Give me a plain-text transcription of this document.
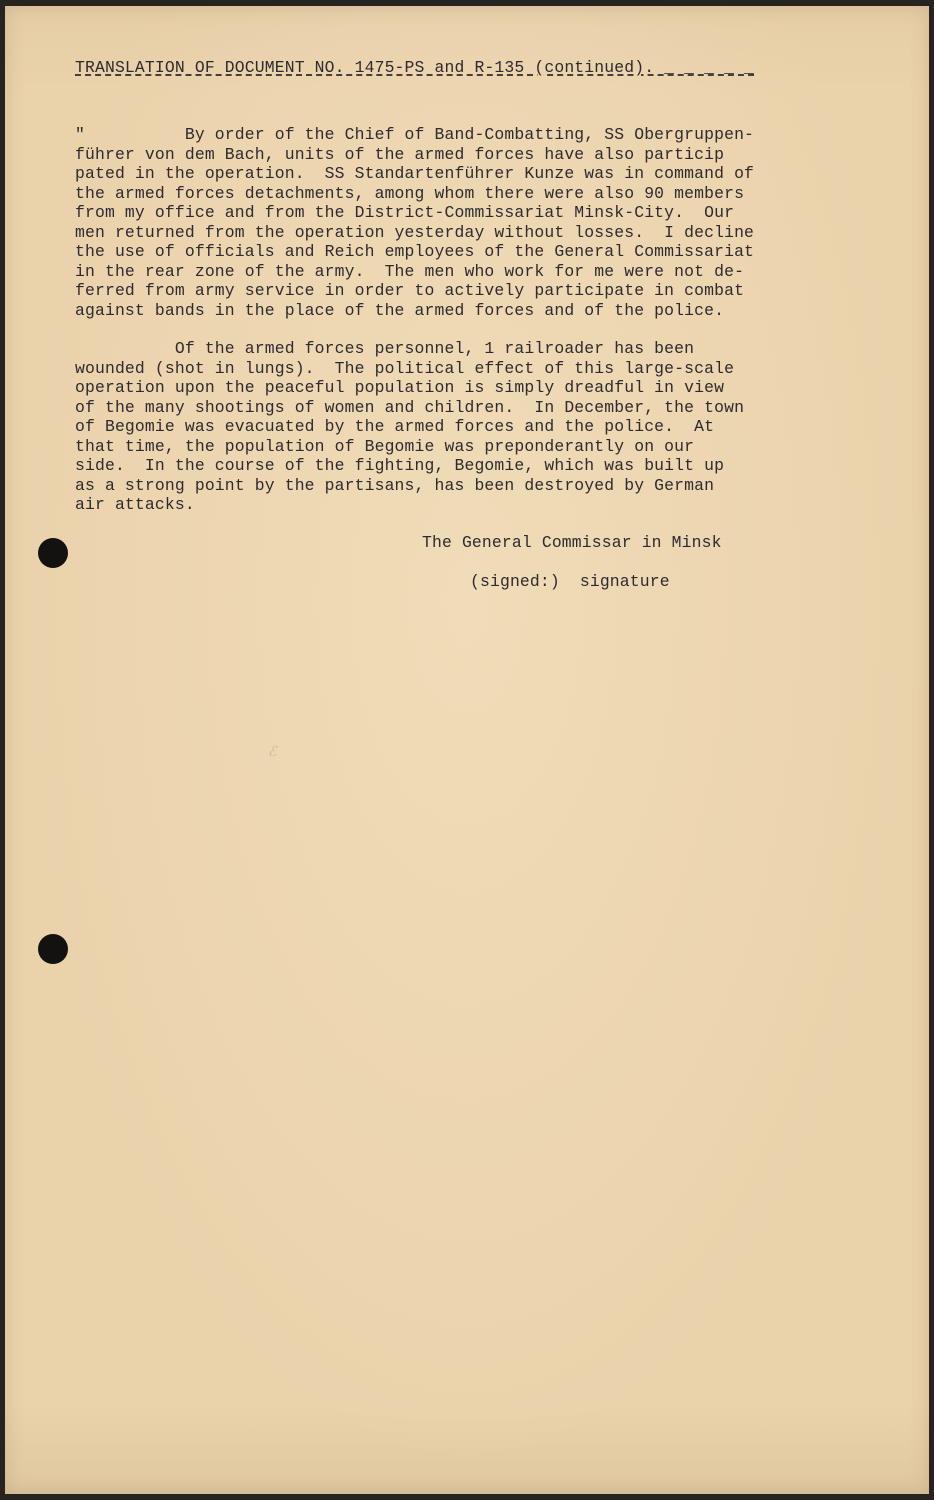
ℰ

TRANSLATION OF DOCUMENT NO. 1475-PS and R-135 (continued). _ _ _ _ _

"          By order of the Chief of Band-Combatting, SS Obergruppen-
führer von dem Bach, units of the armed forces have also particip
pated in the operation.  SS Standartenführer Kunze was in command of
the armed forces detachments, among whom there were also 90 members
from my office and from the District-Commissariat Minsk-City.  Our
men returned from the operation yesterday without losses.  I decline
the use of officials and Reich employees of the General Commissariat
in the rear zone of the army.  The men who work for me were not de-
ferred from army service in order to actively participate in combat
against bands in the place of the armed forces and of the police.

Of the armed forces personnel, 1 railroader has been
wounded (shot in lungs).  The political effect of this large-scale
operation upon the peaceful population is simply dreadful in view
of the many shootings of women and children.  In December, the town
of Begomie was evacuated by the armed forces and the police.  At
that time, the population of Begomie was preponderantly on our
side.  In the course of the fighting, Begomie, which was built up
as a strong point by the partisans, has been destroyed by German
air attacks.

The General Commissar in Minsk

(signed:)  signature
